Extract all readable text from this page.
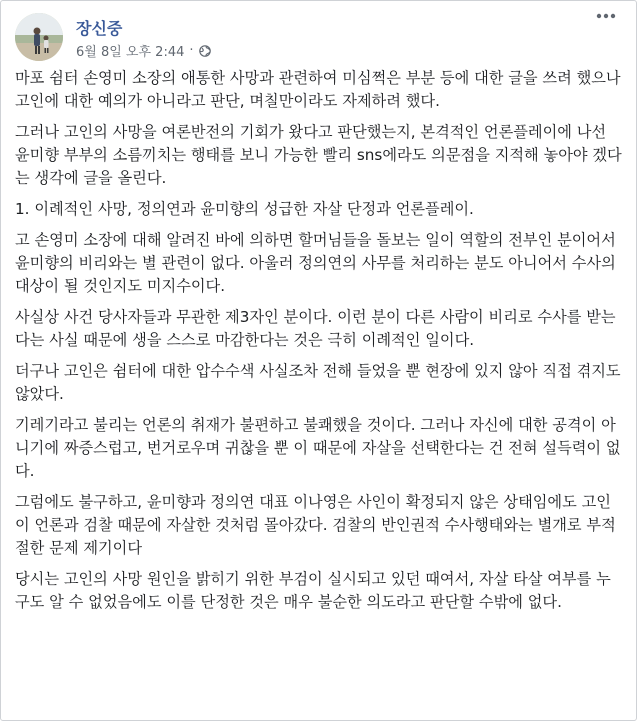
장신중
6월 8일 오후 2:44 ·

마포 쉼터 손영미 소장의 애통한 사망과 관련하여 미심쩍은 부분 등에 대한 글을 쓰려 했으나 고인에 대한 예의가 아니라고 판단, 며칠만이라도 자제하려 했다.

그러나 고인의 사망을 여론반전의 기회가 왔다고 판단했는지, 본격적인 언론플레이에 나선 윤미향 부부의 소름끼치는 행태를 보니 가능한 빨리 sns에라도 의문점을 지적해 놓아야 겠다는 생각에 글을 올린다.

1. 이례적인 사망, 정의연과 윤미향의 성급한 자살 단정과 언론플레이.

고 손영미 소장에 대해 알려진 바에 의하면 할머님들을 돌보는 일이 역할의 전부인 분이어서 윤미향의 비리와는 별 관련이 없다. 아울러 정의연의 사무를 처리하는 분도 아니어서 수사의 대상이 될 것인지도 미지수이다.

사실상 사건 당사자들과 무관한 제3자인 분이다. 이런 분이 다른 사람이 비리로 수사를 받는다는 사실 때문에 생을 스스로 마감한다는 것은 극히 이례적인 일이다.

더구나 고인은 쉼터에 대한 압수수색 사실조차 전해 들었을 뿐 현장에 있지 않아 직접 겪지도 않았다.

기레기라고 불리는 언론의 취재가 불편하고 불쾌했을 것이다. 그러나 자신에 대한 공격이 아니기에 짜증스럽고, 번거로우며 귀찮을 뿐 이 때문에 자살을 선택한다는 건 전혀 설득력이 없다.

그럼에도 불구하고, 윤미향과 정의연 대표 이나영은 사인이 확정되지 않은 상태임에도 고인이 언론과 검찰 때문에 자살한 것처럼 몰아갔다. 검찰의 반인권적 수사행태와는 별개로 부적절한 문제 제기이다

당시는 고인의 사망 원인을 밝히기 위한 부검이 실시되고 있던 때여서, 자살 타살 여부를 누구도 알 수 없었음에도 이를 단정한 것은 매우 불순한 의도라고 판단할 수밖에 없다.
